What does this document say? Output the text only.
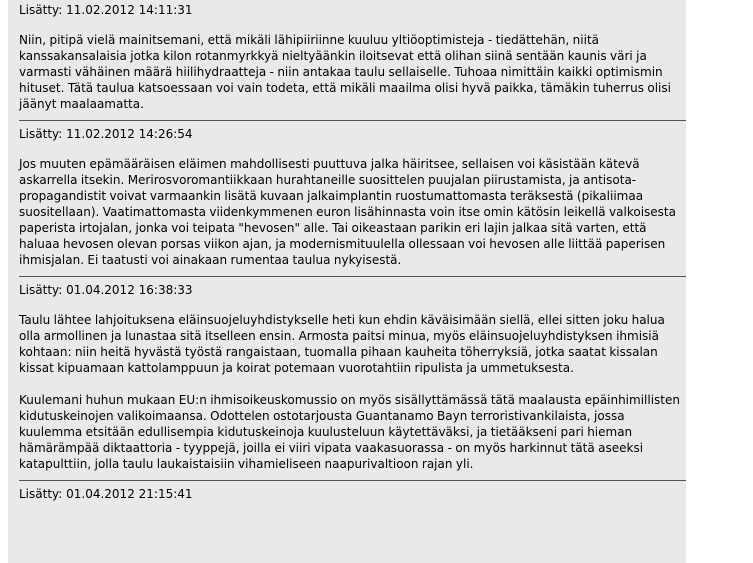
Lisätty: 11.02.2012 14:11:31

Niin, pitipä vielä mainitsemani, että mikäli lähipiiriinne kuuluu yltiöoptimisteja - tiedättehän, niitä kanssakansalaisia jotka kilon rotanmyrkkyä nieltyäänkin iloitsevat että olihan siinä sentään kaunis väri ja varmasti vähäinen määrä hiilihydraatteja - niin antakaa taulu sellaiselle. Tuhoaa nimittäin kaikki optimismin hituset. Tätä taulua katsoessaan voi vain todeta, että mikäli maailma olisi hyvä paikka, tämäkin tuherrus olisi jäänyt maalaamatta.

Lisätty: 11.02.2012 14:26:54

Jos muuten epämääräisen eläimen mahdollisesti puuttuva jalka häiritsee, sellaisen voi käsistään kätevä askarrella itsekin. Merirosvoromantiikkaan hurahtaneille suosittelen puujalan piirustamista, ja antisota-propagandistit voivat varmaankin lisätä kuvaan jalkaimplantin ruostumattomasta teräksestä (pikaliimaa suositellaan). Vaatimattomasta viidenkymmenen euron lisähinnasta voin itse omin kätösin leikellä valkoisesta paperista irtojalan, jonka voi teipata "hevosen" alle. Tai oikeastaan parikin eri lajin jalkaa sitä varten, että haluaa hevosen olevan porsas viikon ajan, ja modernismituulella ollessaan voi hevosen alle liittää paperisen ihmisjalan. Ei taatusti voi ainakaan rumentaa taulua nykyisestä.

Lisätty: 01.04.2012 16:38:33

Taulu lähtee lahjoituksena eläinsuojeluyhdistykselle heti kun ehdin käväisimään siellä, ellei sitten joku halua olla armollinen ja lunastaa sitä itselleen ensin. Armosta paitsi minua, myös eläinsuojeluyhdistyksen ihmisiä kohtaan: niin heitä hyvästä työstä rangaistaan, tuomalla pihaan kauheita töherryksiä, jotka saatat kissalan kissat kipuamaan kattolamppuun ja koirat potemaan vuorotahtiin ripulista ja ummetuksesta.

Kuulemani huhun mukaan EU:n ihmisoikeuskomussio on myös sisällyttämässä tätä maalausta epäinhimillisten kidutuskeinojen valikoimaansa. Odottelen ostotarjousta Guantanamo Bayn terroristivankilaista, jossa kuulemma etsitään edullisempia kidutuskeinoja kuulusteluun käytettäväksi, ja tietääkseni pari hieman hämärämpää diktaattoria - tyyppejä, joilla ei viiri vipata vaakasuorassa - on myös harkinnut tätä aseeksi katapulttiin, jolla taulu laukaistaisiin vihamieliseen naapurivaltioon rajan yli.

Lisätty: 01.04.2012 21:15:41
